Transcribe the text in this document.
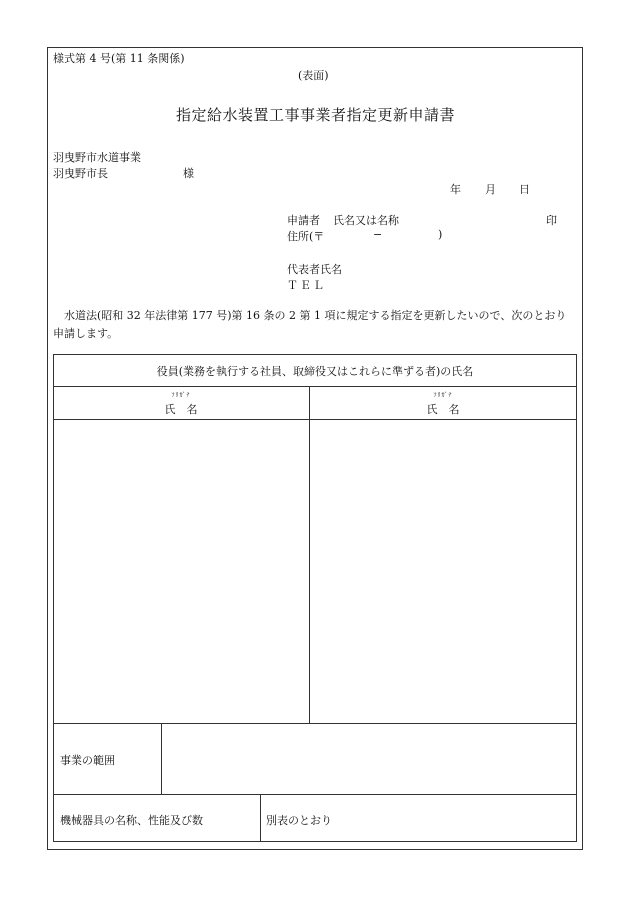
様式第 4 号(第 11 条関係)
(表面)
指定給水装置工事事業者指定更新申請書
羽曳野市水道事業
羽曳野市長	様
年 月 日
申請者 氏名又は名称	印
住所(〒	−	)
代表者氏名
ＴＥＬ
水道法(昭和 32 年法律第 177 号)第 16 条の 2 第 1 項に規定する指定を更新したいので、次のとおり申請します。
役員(業務を執行する社員、取締役又はこれらに準ずる者)の氏名
ﾌﾘｶﾞﾅ
氏　名
ﾌﾘｶﾞﾅ
氏　名
事業の範囲
機械器具の名称、性能及び数	別表のとおり
